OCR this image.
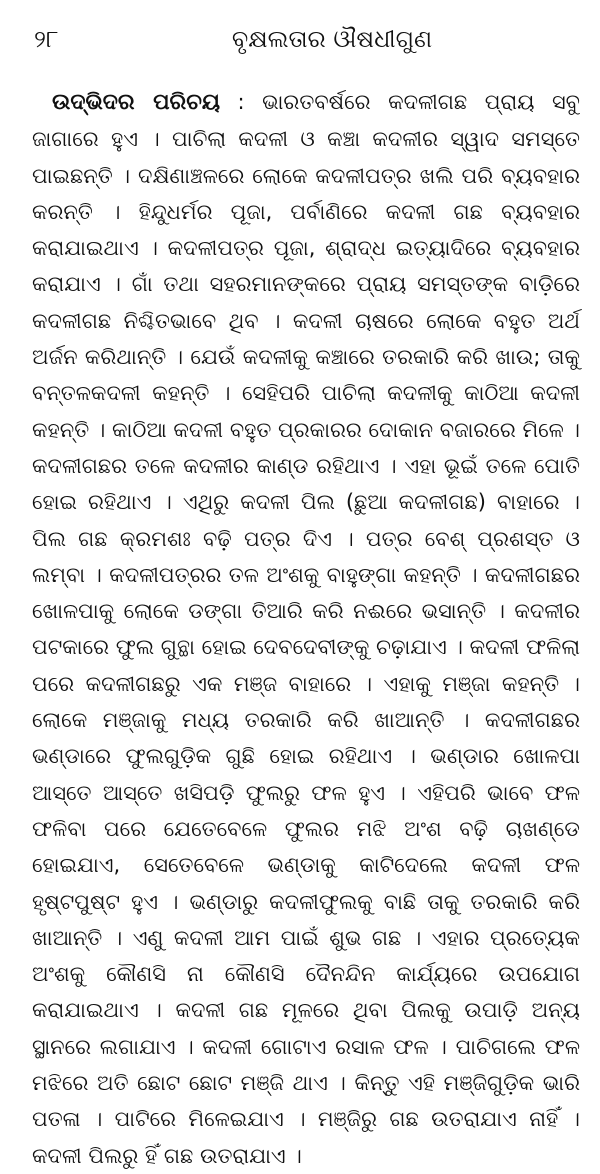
୨୮	ବୃକ୍ଷଲତାର ଔଷଧୀଗୁଣ

ଉଦ୍ଭିଦର ପରିଚୟ : ଭାରତବର୍ଷରେ କଦଳୀଗଛ ପ୍ରାୟ ସବୁ ଜାଗାରେ ହୁଏ । ପାଚିଲା କଦଳୀ ଓ କଞ୍ଚା କଦଳୀର ସ୍ୱାଦ ସମସ୍ତେ ପାଇଛନ୍ତି । ଦକ୍ଷିଣାଞ୍ଚଳରେ ଲୋକେ କଦଳୀପତ୍ର ଖଲି ପରି ବ୍ୟବହାର କରନ୍ତି । ହିନ୍ଦୁଧର୍ମର ପୂଜା, ପର୍ବାଣିରେ କଦଳୀ ଗଛ ବ୍ୟବହାର କରାଯାଇଥାଏ । କଦଳୀପତ୍ର ପୂଜା, ଶ୍ରାଦ୍ଧ ଇତ୍ୟାଦିରେ ବ୍ୟବହାର କରାଯାଏ । ଗାଁ ତଥା ସହରମାନଙ୍କରେ ପ୍ରାୟ ସମସ୍ତଙ୍କ ବାଡ଼ିରେ କଦଳୀଗଛ ନିଶ୍ଚିତଭାବେ ଥିବ । କଦଳୀ ଚାଷରେ ଲୋକେ ବହୁତ ଅର୍ଥ ଅର୍ଜନ କରିଥାନ୍ତି । ଯେଉଁ କଦଳୀକୁ କଞ୍ଚାରେ ତରକାରି କରି ଖାଉ; ତାକୁ ବନ୍ତଳକଦଳୀ କହନ୍ତି । ସେହିପରି ପାଚିଲା କଦଳୀକୁ କାଠିଆ କଦଳୀ କହନ୍ତି । କାଠିଆ କଦଳୀ ବହୁତ ପ୍ରକାରର ଦୋକାନ ବଜାରରେ ମିଳେ । କଦଳୀଗଛର ତଳେ କଦଳୀର କାଣ୍ଡ ରହିଥାଏ । ଏହା ଭୂଇଁ ତଳେ ପୋତି ହୋଇ ରହିଥାଏ । ଏଥିରୁ କଦଳୀ ପିଲ (ଛୁଆ କଦଳୀଗଛ) ବାହାରେ । ପିଲ ଗଛ କ୍ରମଶଃ ବଢ଼ି ପତ୍ର ଦିଏ । ପତ୍ର ବେଶ୍ ପ୍ରଶସ୍ତ ଓ ଲମ୍ବା । କଦଳୀପତ୍ରର ତଳ ଅଂଶକୁ ବାହୁଙ୍ଗା କହନ୍ତି । କଦଳୀଗଛର ଖୋଳପାକୁ ଲୋକେ ଡଙ୍ଗା ତିଆରି କରି ନଈରେ ଭସାନ୍ତି । କଦଳୀର ପଟକାରେ ଫୁଲ ଗୁନ୍ଥା ହୋଇ ଦେବଦେବୀଙ୍କୁ ଚଢ଼ାଯାଏ । କଦଳୀ ଫଳିଲା ପରେ କଦଳୀଗଛରୁ ଏକ ମଞ୍ଜ ବାହାରେ । ଏହାକୁ ମଞ୍ଜା କହନ୍ତି । ଲୋକେ ମଞ୍ଜାକୁ ମଧ୍ୟ ତରକାରି କରି ଖାଆନ୍ତି । କଦଳୀଗଛର ଭଣ୍ଡାରେ ଫୁଲଗୁଡ଼ିକ ଗୁଛି ହୋଇ ରହିଥାଏ । ଭଣ୍ଡାର ଖୋଳପା ଆସ୍ତେ ଆସ୍ତେ ଖସିପଡ଼ି ଫୁଲରୁ ଫଳ ହୁଏ । ଏହିପରି ଭାବେ ଫଳ ଫଳିବା ପରେ ଯେତେବେଳେ ଫୁଲର ମଝି ଅଂଶ ବଢ଼ି ଚାଖଣ୍ଡେ ହୋଇଯାଏ, ସେତେବେଳେ ଭଣ୍ଡାକୁ କାଟିଦେଲେ କଦଳୀ ଫଳ ହୃଷ୍ଟପୁଷ୍ଟ ହୁଏ । ଭଣ୍ଡାରୁ କଦଳୀଫୁଲକୁ ବାଛି ତାକୁ ତରକାରି କରି ଖାଆନ୍ତି । ଏଣୁ କଦଳୀ ଆମ ପାଇଁ ଶୁଭ ଗଛ । ଏହାର ପ୍ରତ୍ୟେକ ଅଂଶକୁ କୌଣସି ନା କୌଣସି ଦୈନନ୍ଦିନ କାର୍ଯ୍ୟରେ ଉପଯୋଗ କରାଯାଇଥାଏ । କଦଳୀ ଗଛ ମୂଳରେ ଥିବା ପିଲକୁ ଉପାଡ଼ି ଅନ୍ୟ ସ୍ଥାନରେ ଲଗାଯାଏ । କଦଳୀ ଗୋଟାଏ ରସାଳ ଫଳ । ପାଚିଗଲେ ଫଳ ମଝିରେ ଅତି ଛୋଟ ଛୋଟ ମଞ୍ଜି ଥାଏ । କିନ୍ତୁ ଏହି ମଞ୍ଜିଗୁଡ଼ିକ ଭାରି ପତଳା । ପାଟିରେ ମିଳେଇଯାଏ । ମଞ୍ଜିରୁ ଗଛ ଉତରାଯାଏ ନାହିଁ । କଦଳୀ ପିଲରୁ ହିଁ ଗଛ ଉତରାଯାଏ ।
